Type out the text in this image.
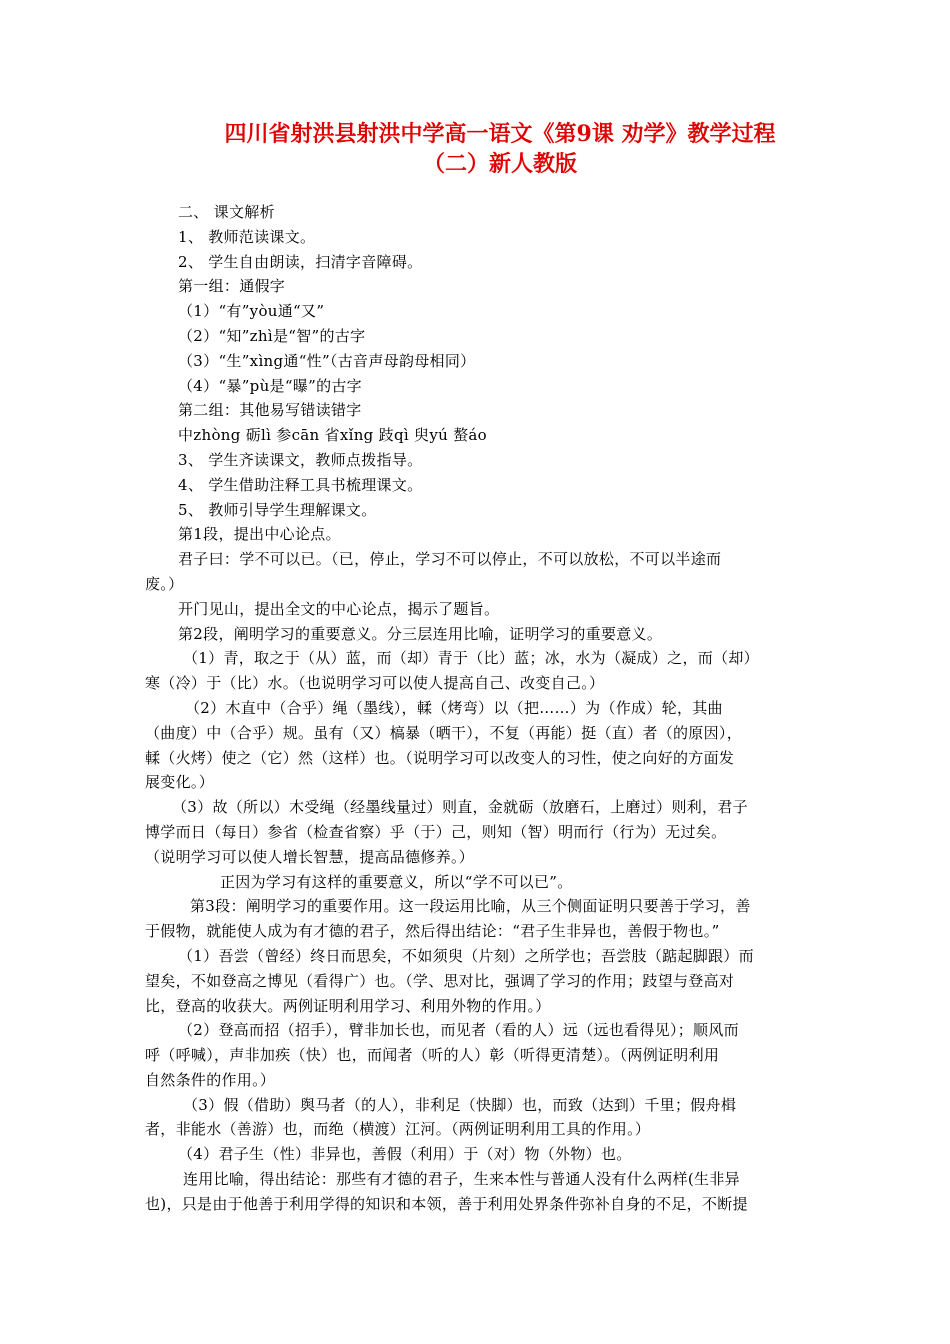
四川省射洪县射洪中学高一语文《第9课 劝学》教学过程
（二）新人教版
二、 课文解析
1、 教师范读课文。
2、 学生自由朗读，扫清字音障碍。
第一组：通假字
（1）“有”yòu通“又”
（2）“知”zhì是“智”的古字
（3）“生”xìng通“性”（古音声母韵母相同）
（4）“暴”pù是“曝”的古字
第二组：其他易写错读错字
中zhòng 砺lì 参cān 省xǐng 跂qì 臾yú 螯áo
3、 学生齐读课文，教师点拨指导。
4、 学生借助注释工具书梳理课文。
5、 教师引导学生理解课文。
第1段，提出中心论点。
君子曰：学不可以已。（已，停止，学习不可以停止，不可以放松，不可以半途而
废。）
开门见山，提出全文的中心论点，揭示了题旨。
第2段，阐明学习的重要意义。分三层连用比喻，证明学习的重要意义。
（1）青，取之于（从）蓝，而（却）青于（比）蓝；冰，水为（凝成）之，而（却）
寒（冷）于（比）水。（也说明学习可以使人提高自己、改变自己。）
（2）木直中（合乎）绳（墨线），輮（烤弯）以（把……）为（作成）轮，其曲
（曲度）中（合乎）规。虽有（又）槁暴（晒干），不复（再能）挺（直）者（的原因），
輮（火烤）使之（它）然（这样）也。（说明学习可以改变人的习性，使之向好的方面发
展变化。）
（3）故（所以）木受绳（经墨线量过）则直，金就砺（放磨石，上磨过）则利，君子
博学而日（每日）参省（检查省察）乎（于）己，则知（智）明而行（行为）无过矣。
（说明学习可以使人增长智慧，提高品德修养。）
正因为学习有这样的重要意义，所以“学不可以已”。
第3段：阐明学习的重要作用。这一段运用比喻，从三个侧面证明只要善于学习，善
于假物，就能使人成为有才德的君子，然后得出结论：“君子生非异也，善假于物也。”
（1）吾尝（曾经）终日而思矣，不如须臾（片刻）之所学也；吾尝肢（踮起脚跟）而
望矣，不如登高之博见（看得广）也。（学、思对比，强调了学习的作用；跂望与登高对
比，登高的收获大。两例证明利用学习、利用外物的作用。）
（2）登高而招（招手），臂非加长也，而见者（看的人）远（远也看得见）；顺风而
呼（呼喊），声非加疾（快）也，而闻者（听的人）彰（听得更清楚）。（两例证明利用
自然条件的作用。）
（3）假（借助）舆马者（的人），非利足（快脚）也，而致（达到）千里；假舟楫
者，非能水（善游）也，而绝（横渡）江河。（两例证明利用工具的作用。）
（4）君子生（性）非异也，善假（利用）于（对）物（外物）也。
连用比喻，得出结论：那些有才德的君子，生来本性与普通人没有什么两样(生非异
也)，只是由于他善于利用学得的知识和本领，善于利用处界条件弥补自身的不足，不断提
